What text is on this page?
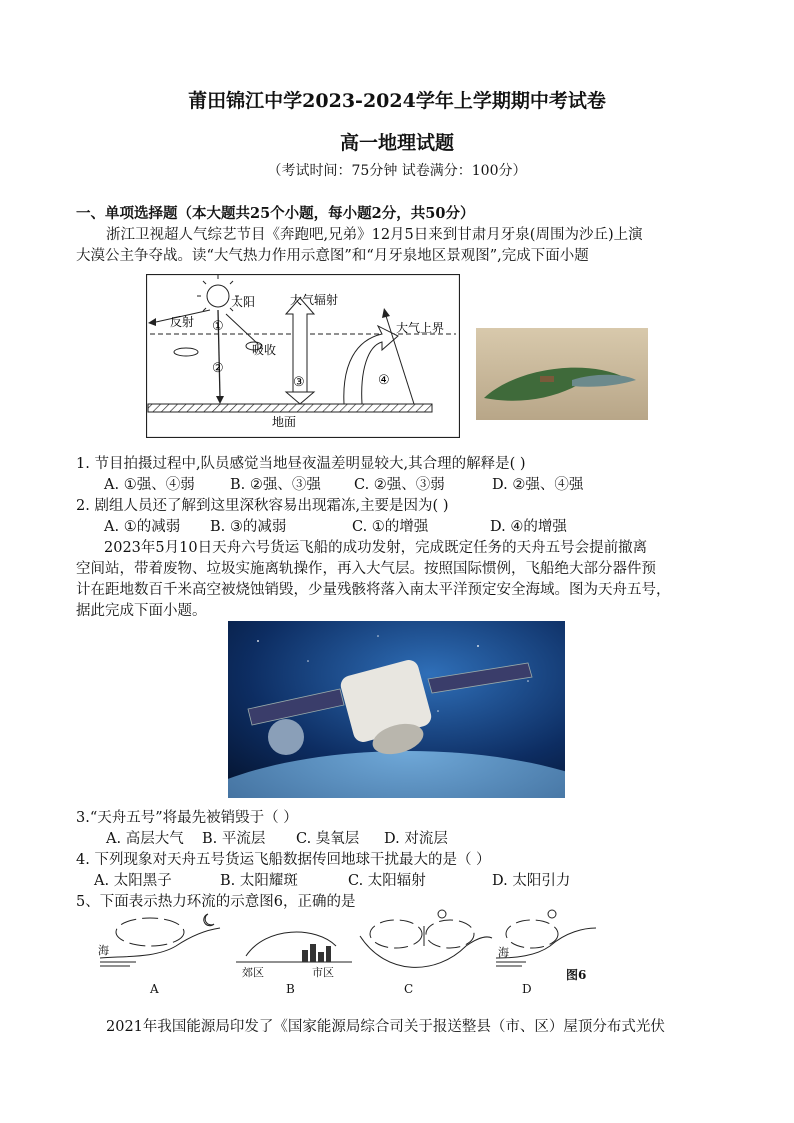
莆田锦江中学2023-2024学年上学期期中考试卷
高一地理试题
（考试时间：75分钟 试卷满分：100分）
一、单项选择题（本大题共25个小题，每小题2分，共50分）
浙江卫视超人气综艺节目《奔跑吧,兄弟》12月5日来到甘肃月牙泉(周围为沙丘)上演
大漠公主争夺战。读“大气热力作用示意图”和“月牙泉地区景观图”,完成下面小题
太阳	大气辐射
反射
吸收
大气上界
地面
①
②
③	④
1. 节目拍摄过程中,队员感觉当地昼夜温差明显较大,其合理的解释是( )
A. ①强、④弱 B. ②强、③强 C. ②强、③弱	D. ②强、④强
2. 剧组人员还了解到这里深秋容易出现霜冻,主要是因为( )
A. ①的减弱 B. ③的减弱	C. ①的增强	D. ④的增强
2023年5月10日天舟六号货运飞船的成功发射，完成既定任务的天舟五号会提前撤离
空间站，带着废物、垃圾实施离轨操作，再入大气层。按照国际惯例，飞船绝大部分器件预
计在距地数百千米高空被烧蚀销毁，少量残骸将落入南太平洋预定安全海域。图为天舟五号，
据此完成下面小题。
3.“天舟五号”将最先被销毁于（ ）
A. 高层大气 B. 平流层 C. 臭氧层 D. 对流层
4. 下列现象对天舟五号货运飞船数据传回地球干扰最大的是（ ）
A. 太阳黑子	B. 太阳耀斑	C. 太阳辐射	D. 太阳引力
5、下面表示热力环流的示意图6，正确的是
海
郊区	市区
海
图6
A	B	C	D
2021年我国能源局印发了《国家能源局综合司关于报送整县（市、区）屋顶分布式光伏
